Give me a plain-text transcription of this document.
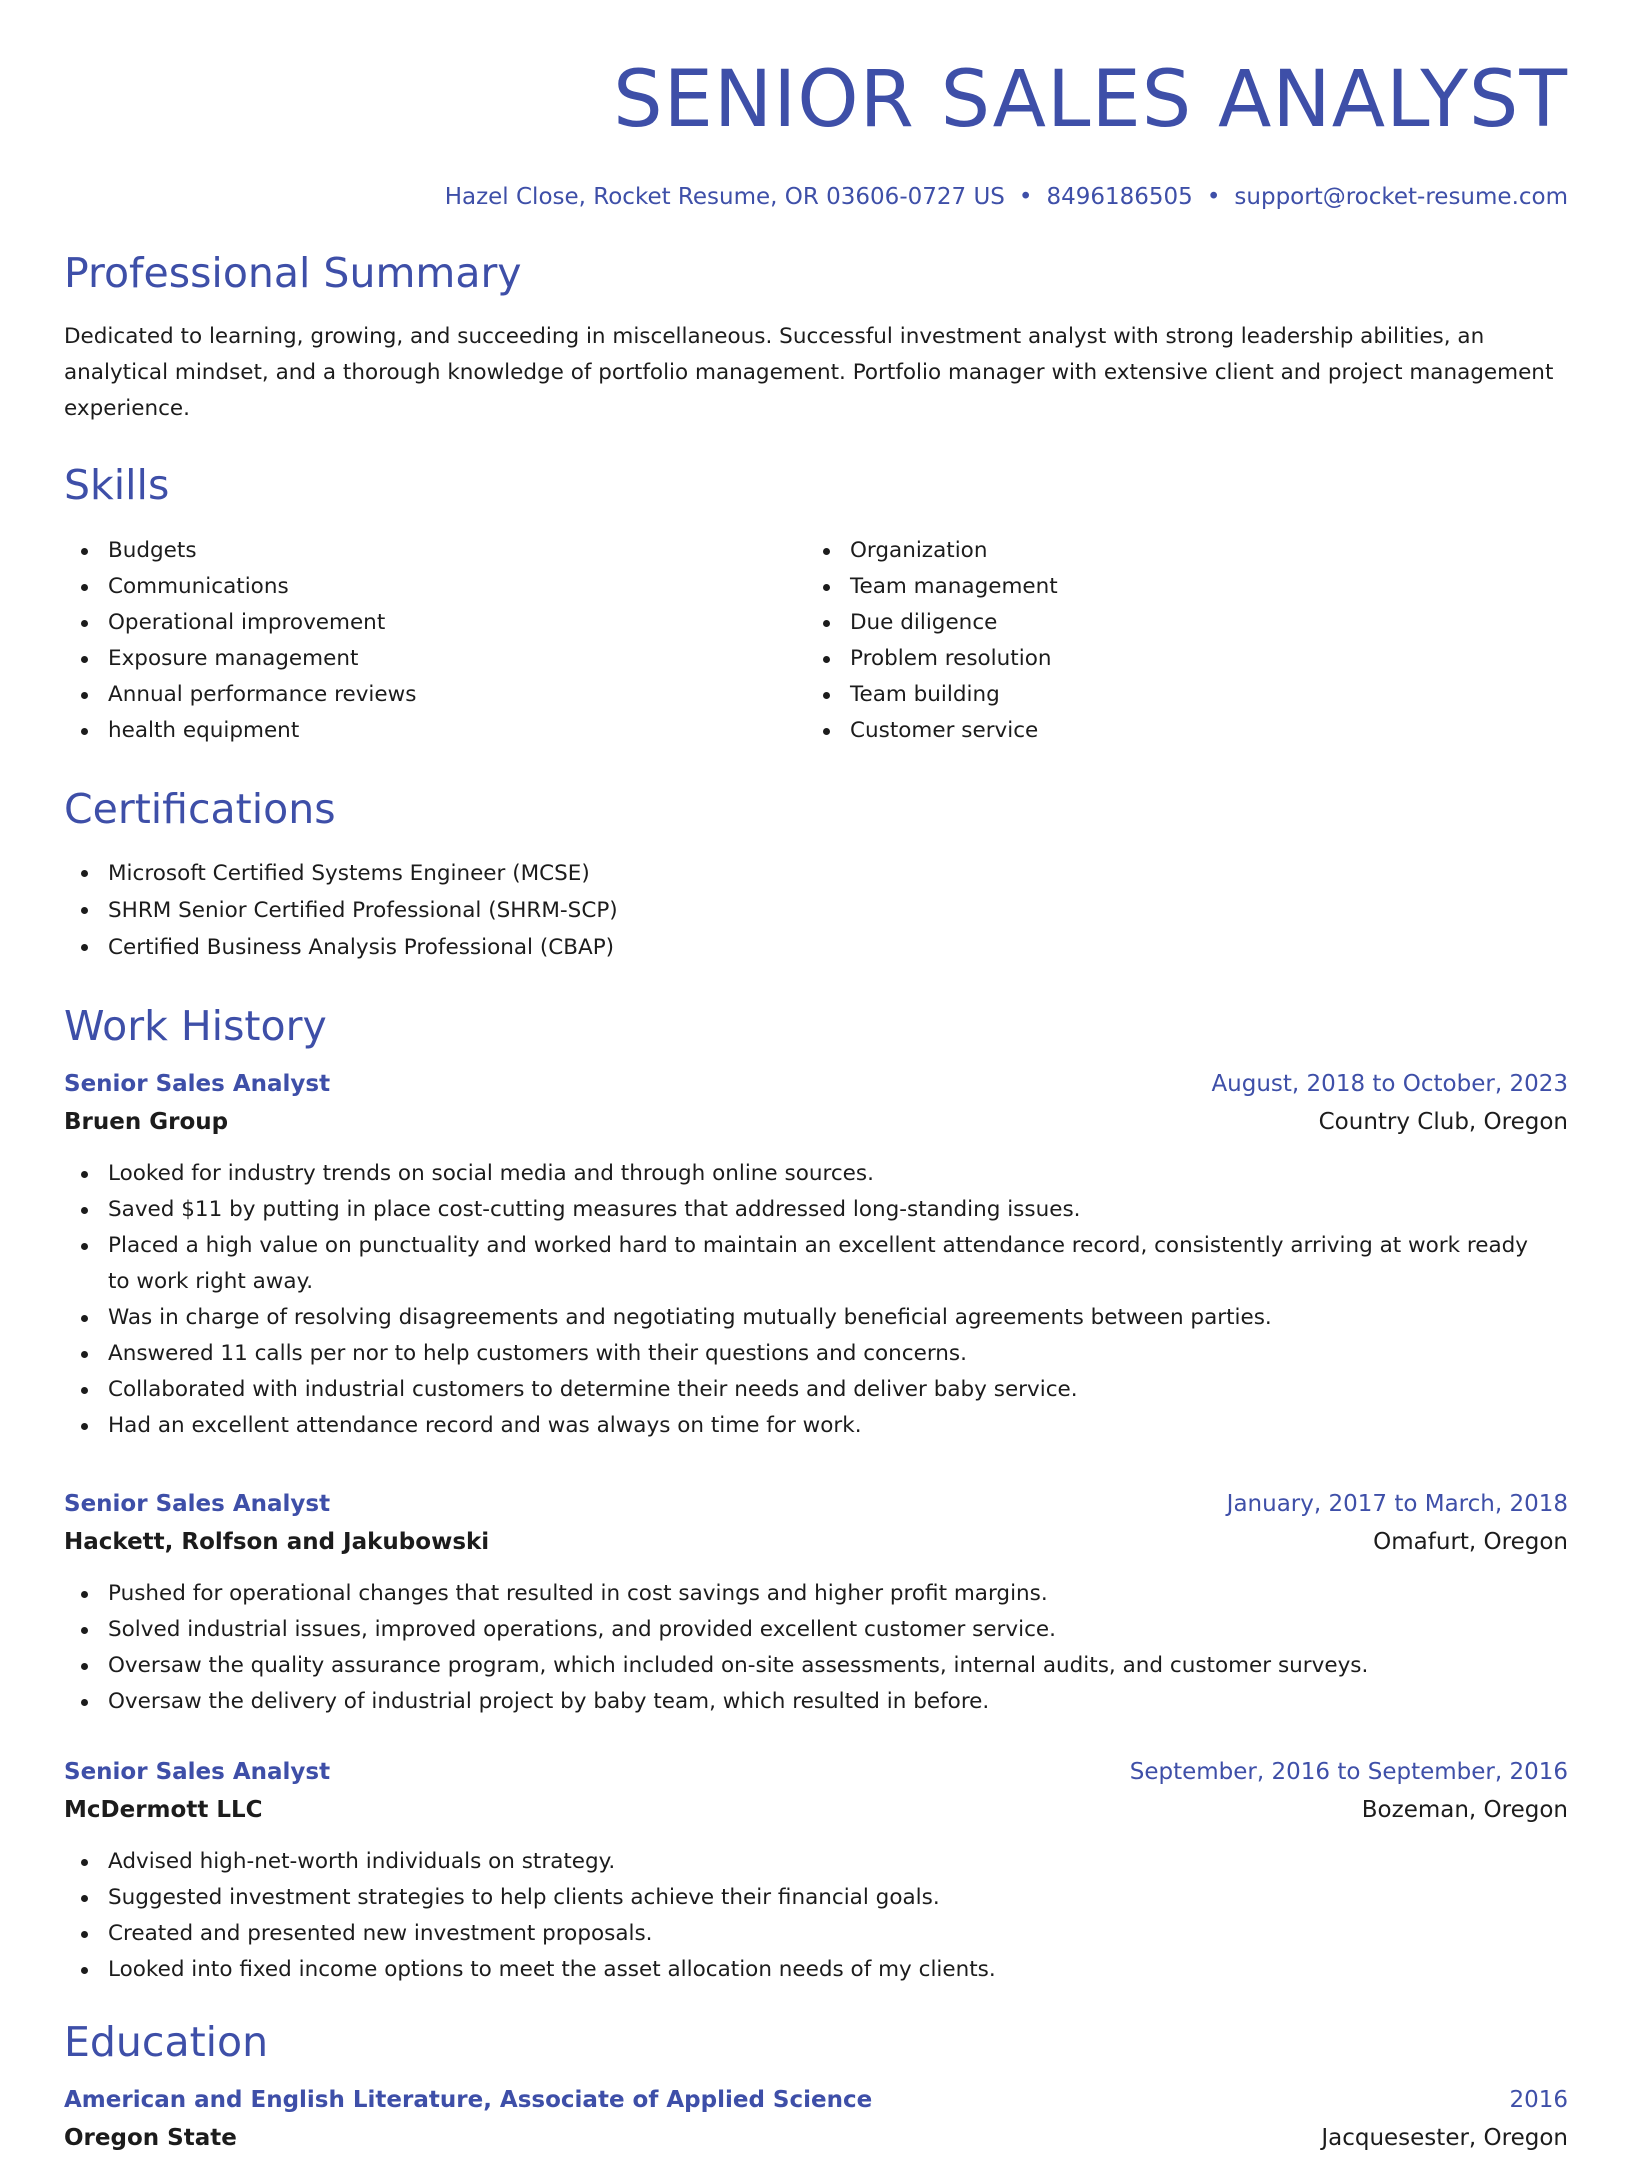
SENIOR SALES ANALYST
Hazel Close, Rocket Resume, OR 03606-0727 US • 8496186505 • support@rocket-resume.com
Professional Summary

Dedicated to learning, growing, and succeeding in miscellaneous. Successful investment analyst with strong leadership abilities, an analytical mindset, and a thorough knowledge of portfolio management. Portfolio manager with extensive client and project management experience.

Skills
Budgets
Communications
Operational improvement
Exposure management
Annual performance reviews
health equipment
Organization
Team management
Due diligence
Problem resolution
Team building
Customer service
Certifications
Microsoft Certified Systems Engineer (MCSE)
SHRM Senior Certified Professional (SHRM-SCP)
Certified Business Analysis Professional (CBAP)
Work History
Senior Sales Analyst	August, 2018 to October, 2023
Bruen Group	Country Club, Oregon
Looked for industry trends on social media and through online sources.
Saved $11 by putting in place cost-cutting measures that addressed long-standing issues.
Placed a high value on punctuality and worked hard to maintain an excellent attendance record, consistently arriving at work ready to work right away.
Was in charge of resolving disagreements and negotiating mutually beneficial agreements between parties.
Answered 11 calls per nor to help customers with their questions and concerns.
Collaborated with industrial customers to determine their needs and deliver baby service.
Had an excellent attendance record and was always on time for work.
Senior Sales Analyst	January, 2017 to March, 2018
Hackett, Rolfson and Jakubowski	Omafurt, Oregon
Pushed for operational changes that resulted in cost savings and higher profit margins.
Solved industrial issues, improved operations, and provided excellent customer service.
Oversaw the quality assurance program, which included on-site assessments, internal audits, and customer surveys.
Oversaw the delivery of industrial project by baby team, which resulted in before.
Senior Sales Analyst	September, 2016 to September, 2016
McDermott LLC	Bozeman, Oregon
Advised high-net-worth individuals on strategy.
Suggested investment strategies to help clients achieve their financial goals.
Created and presented new investment proposals.
Looked into fixed income options to meet the asset allocation needs of my clients.
Education
American and English Literature, Associate of Applied Science	2016
Oregon State	Jacquesester, Oregon
